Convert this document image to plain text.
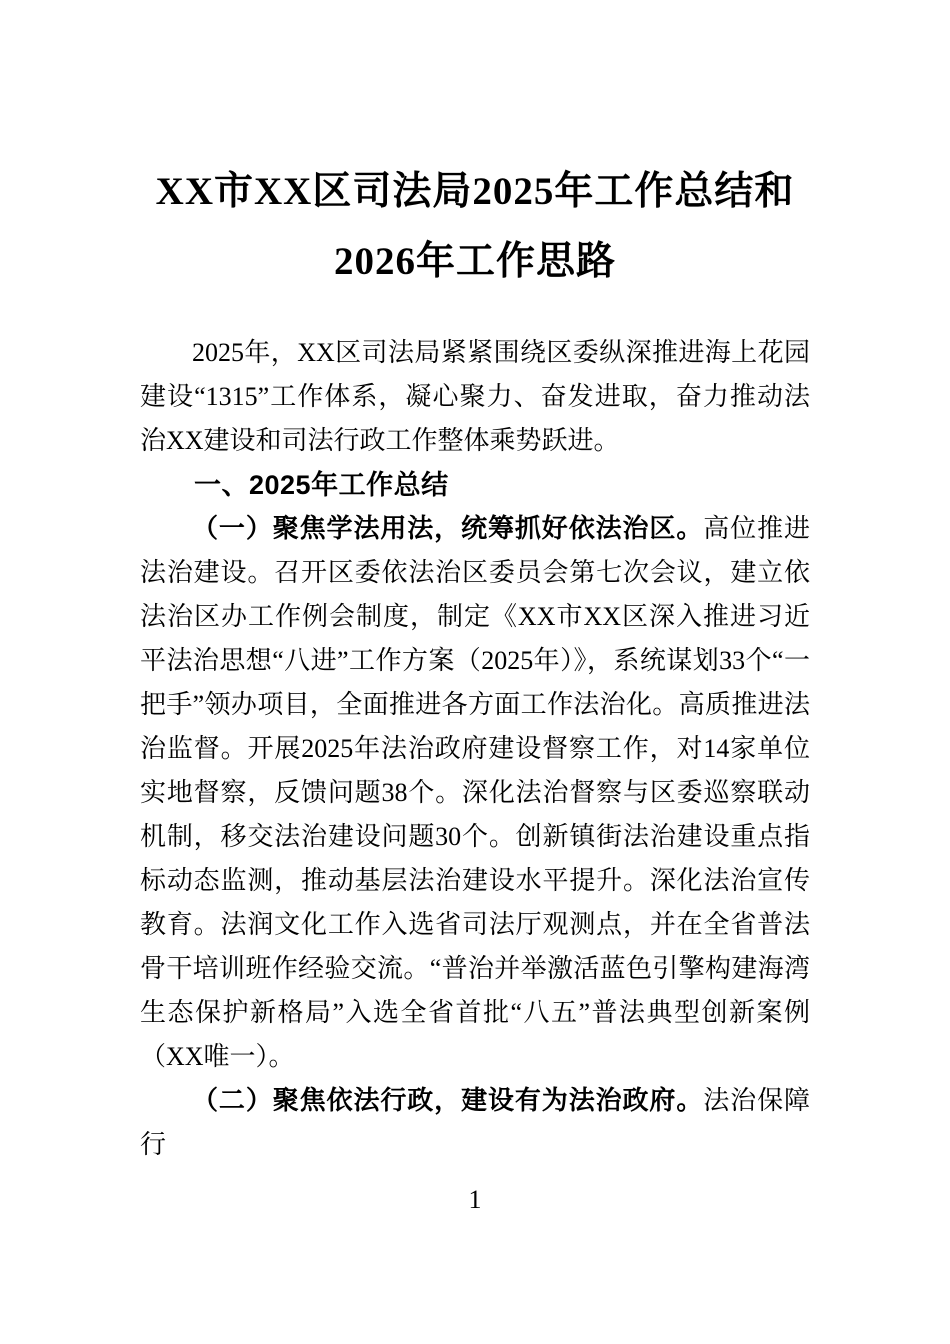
XX市XX区司法局2025年工作总结和
2026年工作思路

2025年，XX区司法局紧紧围绕区委纵深推进海上花园建设“1315”工作体系，凝心聚力、奋发进取，奋力推动法治XX建设和司法行政工作整体乘势跃进。

一、2025年工作总结

（一）聚焦学法用法，统筹抓好依法治区。高位推进法治建设。召开区委依法治区委员会第七次会议，建立依法治区办工作例会制度，制定《XX市XX区深入推进习近平法治思想“八进”工作方案（2025年）》，系统谋划33个“一把手”领办项目，全面推进各方面工作法治化。高质推进法治监督。开展2025年法治政府建设督察工作，对14家单位实地督察，反馈问题38个。深化法治督察与区委巡察联动机制，移交法治建设问题30个。创新镇街法治建设重点指标动态监测，推动基层法治建设水平提升。深化法治宣传教育。法润文化工作入选省司法厅观测点，并在全省普法骨干培训班作经验交流。“普治并举激活蓝色引擎构建海湾生态保护新格局”入选全省首批“八五”普法典型创新案例（XX唯一）。

（二）聚焦依法行政，建设有为法治政府。法治保障行

1
